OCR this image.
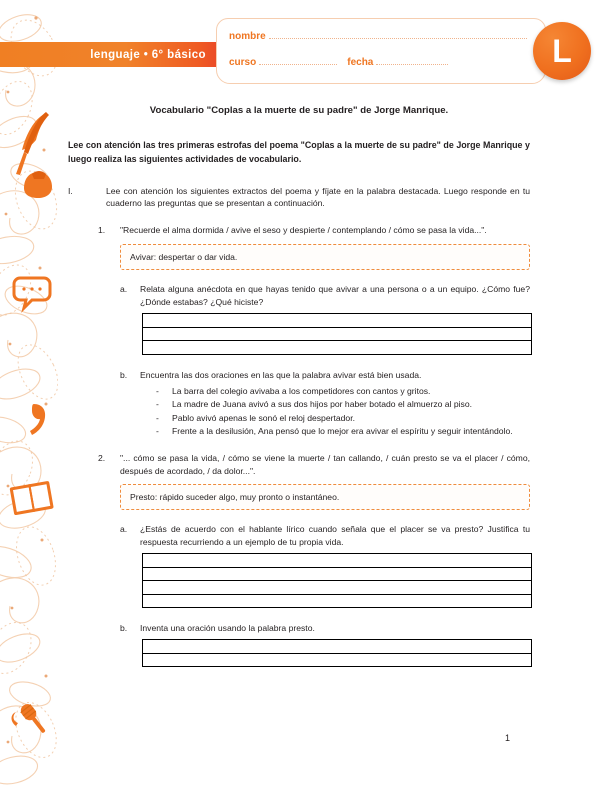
lenguaje • 6° básico
nombre
curso	fecha	L
Vocabulario "Coplas a la muerte de su padre" de Jorge Manrique.
Lee con atención las tres primeras estrofas del poema "Coplas a la muerte de su padre" de Jorge Manrique y luego realiza las siguientes actividades de vocabulario.
I.	Lee con atención los siguientes extractos del poema y fíjate en la palabra destacada. Luego responde en tu cuaderno las preguntas que se presentan a continuación.
1.	"Recuerde el alma dormida / avive el seso y despierte / contemplando / cómo se pasa la vida...".
Avivar: despertar o dar vida.
a.	Relata alguna anécdota en que hayas tenido que avivar a una persona o a un equipo. ¿Cómo fue? ¿Dónde estabas? ¿Qué hiciste?
b.	Encuentra las dos oraciones en las que la palabra avivar está bien usada.
-	La barra del colegio avivaba a los competidores con cantos y gritos.
-	La madre de Juana avivó a sus dos hijos por haber botado el almuerzo al piso.
-	Pablo avivó apenas le sonó el reloj despertador.
-	Frente a la desilusión, Ana pensó que lo mejor era avivar el espíritu y seguir intentándolo.
2.	"... cómo se pasa la vida, / cómo se viene la muerte / tan callando, / cuán presto se va el placer / cómo, después de acordado, / da dolor...".
Presto: rápido suceder algo, muy pronto o instantáneo.
a.	¿Estás de acuerdo con el hablante lírico cuando señala que el placer se va presto? Justifica tu respuesta recurriendo a un ejemplo de tu propia vida.
b.	Inventa una oración usando la palabra presto.
1
